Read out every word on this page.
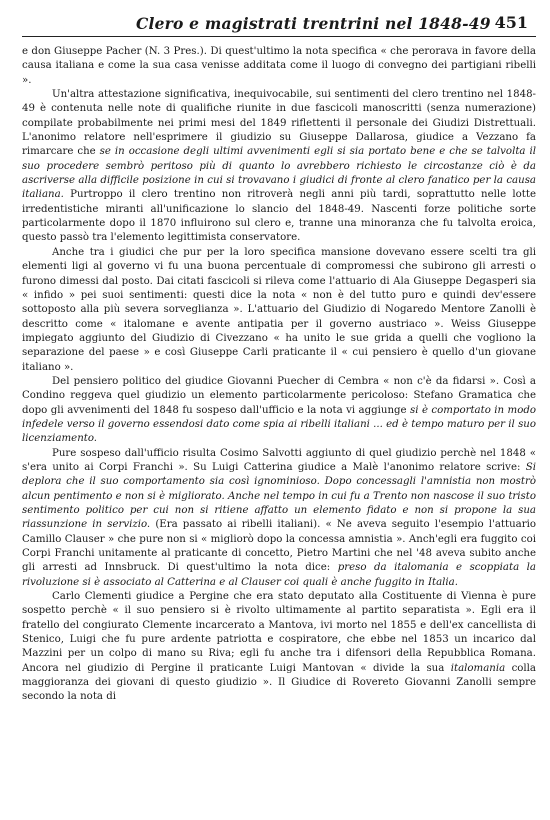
Clero e magistrati trentrini nel 1848-49 451

e don Giuseppe Pacher (N. 3 Pres.). Di quest'ultimo la nota specifica « che perorava in favore della causa italiana e come la sua casa venisse additata come il luogo di convegno dei partigiani ribelli ».

Un'altra attestazione significativa, inequivocabile, sui sentimenti del clero trentino nel 1848-49 è contenuta nelle note di qualifiche riunite in due fascicoli manoscritti (senza numerazione) compilate probabilmente nei primi mesi del 1849 riflettenti il personale dei Giudizi Distrettuali. L'anonimo relatore nell'esprimere il giudizio su Giuseppe Dallarosa, giudice a Vezzano fa rimarcare che se in occasione degli ultimi avvenimenti egli si sia portato bene e che se talvolta il suo procedere sembrò peritoso più di quanto lo avrebbero richiesto le circostanze ciò è da ascriverse alla difficile posizione in cui si trovavano i giudici di fronte al clero fanatico per la causa italiana. Purtroppo il clero trentino non ritroverà negli anni più tardi, soprattutto nelle lotte irredentistiche miranti all'unificazione lo slancio del 1848-49. Nascenti forze politiche sorte particolarmente dopo il 1870 influirono sul clero e, tranne una minoranza che fu talvolta eroica, questo passò tra l'elemento legittimista conservatore.

Anche tra i giudici che pur per la loro specifica mansione dovevano essere scelti tra gli elementi ligi al governo vi fu una buona percentuale di compromessi che subirono gli arresti o furono dimessi dal posto. Dai citati fascicoli si rileva come l'attuario di Ala Giuseppe Degasperi sia « infido » pei suoi sentimenti: questi dice la nota « non è del tutto puro e quindi dev'essere sottoposto alla più severa sorveglianza ». L'attuario del Giudizio di Nogaredo Mentore Zanolli è descritto come « italomane e avente antipatia per il governo austriaco ». Weiss Giuseppe impiegato aggiunto del Giudizio di Civezzano « ha unito le sue grida a quelli che vogliono la separazione del paese » e così Giuseppe Carli praticante il « cui pensiero è quello d'un giovane italiano ».

Del pensiero politico del giudice Giovanni Puecher di Cembra « non c'è da fidarsi ». Così a Condino reggeva quel giudizio un elemento particolarmente pericoloso: Stefano Gramatica che dopo gli avvenimenti del 1848 fu sospeso dall'ufficio e la nota vi aggiunge si è comportato in modo infedele verso il governo essendosi dato come spia ai ribelli italiani ... ed è tempo maturo per il suo licenziamento.

Pure sospeso dall'ufficio risulta Cosimo Salvotti aggiunto di quel giudizio perchè nel 1848 « s'era unito ai Corpi Franchi ». Su Luigi Catterina giudice a Malè l'anonimo relatore scrive: Si deplora che il suo comportamento sia così ignominioso. Dopo concessagli l'amnistia non mostrò alcun pentimento e non si è migliorato. Anche nel tempo in cui fu a Trento non nascose il suo tristo sentimento politico per cui non si ritiene affatto un elemento fidato e non si propone la sua riassunzione in servizio. (Era passato ai ribelli italiani). « Ne aveva seguito l'esempio l'attuario Camillo Clauser » che pure non si « migliorò dopo la concessa amnistia ». Anch'egli era fuggito coi Corpi Franchi unitamente al praticante di concetto, Pietro Martini che nel '48 aveva subito anche gli arresti ad Innsbruck. Di quest'ultimo la nota dice: preso da italomania e scoppiata la rivoluzione si è associato al Catterina e al Clauser coi quali è anche fuggito in Italia.

Carlo Clementi giudice a Pergine che era stato deputato alla Costituente di Vienna è pure sospetto perchè « il suo pensiero si è rivolto ultimamente al partito separatista ». Egli era il fratello del congiurato Clemente incarcerato a Mantova, ivi morto nel 1855 e dell'ex cancellista di Stenico, Luigi che fu pure ardente patriotta e cospiratore, che ebbe nel 1853 un incarico dal Mazzini per un colpo di mano su Riva; egli fu anche tra i difensori della Repubblica Romana. Ancora nel giudizio di Pergine il praticante Luigi Mantovan « divide la sua italomania colla maggioranza dei giovani di questo giudizio ». Il Giudice di Rovereto Giovanni Zanolli sempre secondo la nota di
